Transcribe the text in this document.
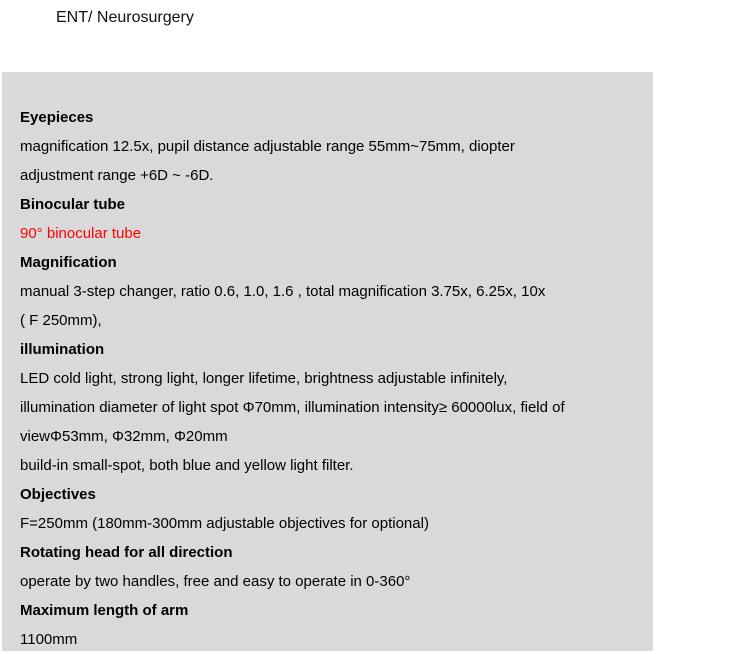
ENT/ Neurosurgery
Eyepieces
magnification 12.5x, pupil distance adjustable range 55mm~75mm, diopter
adjustment range +6D ~ -6D.
Binocular tube
90° binocular tube
Magnification
manual 3-step changer, ratio 0.6, 1.0, 1.6 , total magnification 3.75x, 6.25x, 10x
( F 250mm),
illumination
LED cold light, strong light, longer lifetime, brightness adjustable infinitely,
illumination diameter of light spot Φ70mm, illumination intensity≥ 60000lux, field of
viewΦ53mm, Φ32mm, Φ20mm
build-in small-spot, both blue and yellow light filter.
Objectives
F=250mm (180mm-300mm adjustable objectives for optional)
Rotating head for all direction
operate by two handles, free and easy to operate in 0-360°
Maximum length of arm
1100mm
